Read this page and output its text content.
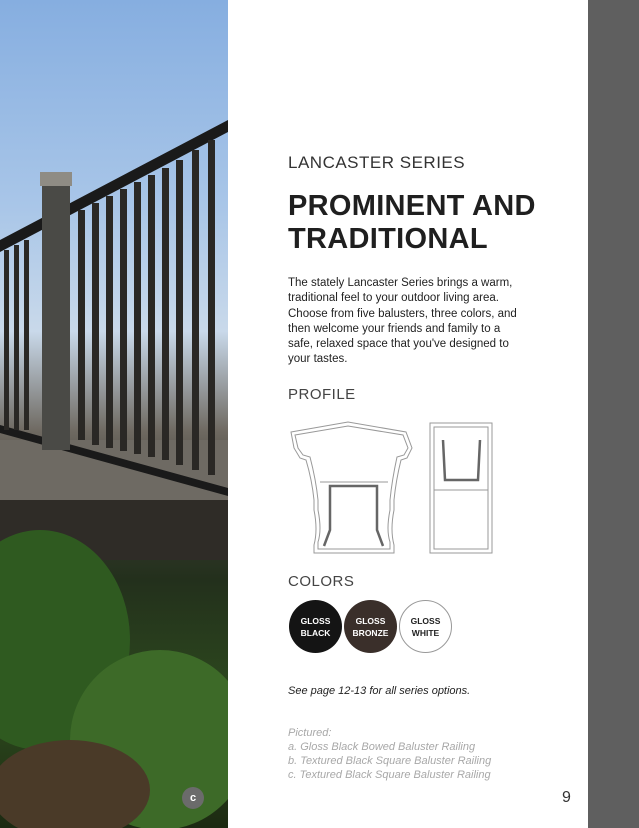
c
LANCASTER SERIES
PROMINENT AND
TRADITIONAL
The stately Lancaster Series brings a warm, traditional feel to your outdoor living area. Choose from five balusters, three colors, and then welcome your friends and family to a safe, relaxed space that you've designed to your tastes.
PROFILE
COLORS
GLOSS
BLACK
GLOSS
BRONZE
GLOSS
WHITE
See page 12-13 for all series options.
Pictured:
a. Gloss Black Bowed Baluster Railing
b. Textured Black Square Baluster Railing
c. Textured Black Square Baluster Railing
9
